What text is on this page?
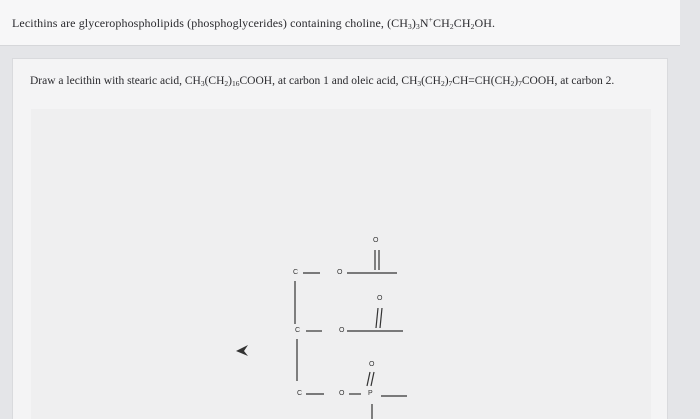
Lecithins are glycerophospholipids (phosphoglycerides) containing choline, $(CH_3)_3N^+CH_2CH_2OH$.
Draw a lecithin with stearic acid, $CH_3(CH_2)_{16}COOH$, at carbon 1 and oleic acid, $CH_3(CH_2)_7CH=CH(CH_2)_7COOH$, at carbon 2.
C	O
O
C	O
O
C	O
O
P
